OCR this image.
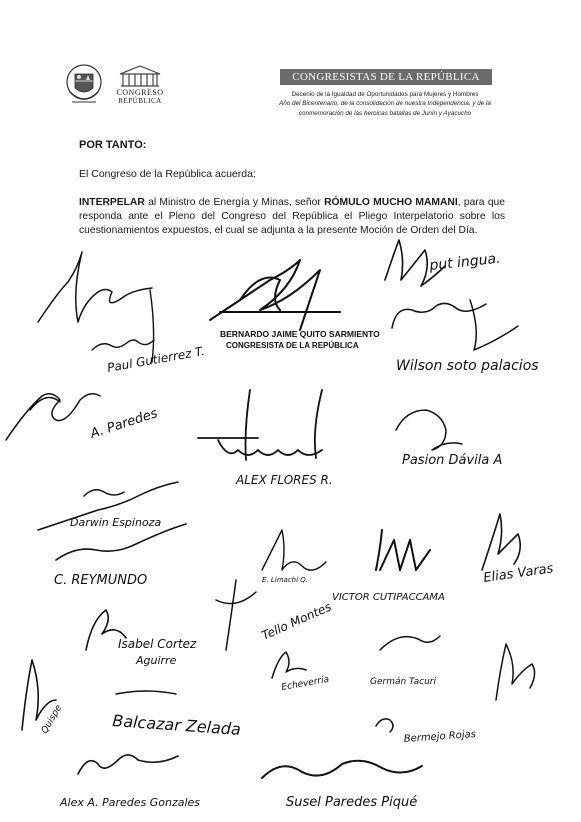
CONGRESO
REPÚBLICA
CONGRESISTAS DE LA REPÚBLICA
Decenio de la Igualdad de Oportunidades para Mujeres y Hombres
Año del Bicentenario, de la consolidación de nuestra Independencia, y de la
conmemoración de las heroicas batallas de Junín y Ayacucho
POR TANTO:
El Congreso de la República acuerda:
INTERPELAR al Ministro de Energía y Minas, señor RÓMULO MUCHO MAMANI, para que responda ante el Pleno del Congreso del República el Pliego Interpelatorio sobre los cuestionamientos expuestos, el cual se adjunta a la presente Moción de Orden del Día.
Paul Gutierrez T.
BERNARDO JAIME QUITO SARMIENTO
CONGRESISTA DE LA REPÚBLICA
put ingua.
Wilson soto palacios
A. Paredes
ALEX FLORES R.
Pasion Dávila A
Darwin Espinoza
C. REYMUNDO	E. Limachi Q.
VICTOR CUTIPACCAMA
Elias Varas
Tello Montes
Isabel Cortez
Aguirre
Germán Tacuri
Quispe
Echeverría
Balcazar Zelada	Bermejo Rojas
Alex A. Paredes Gonzales	Susel Paredes Piqué
